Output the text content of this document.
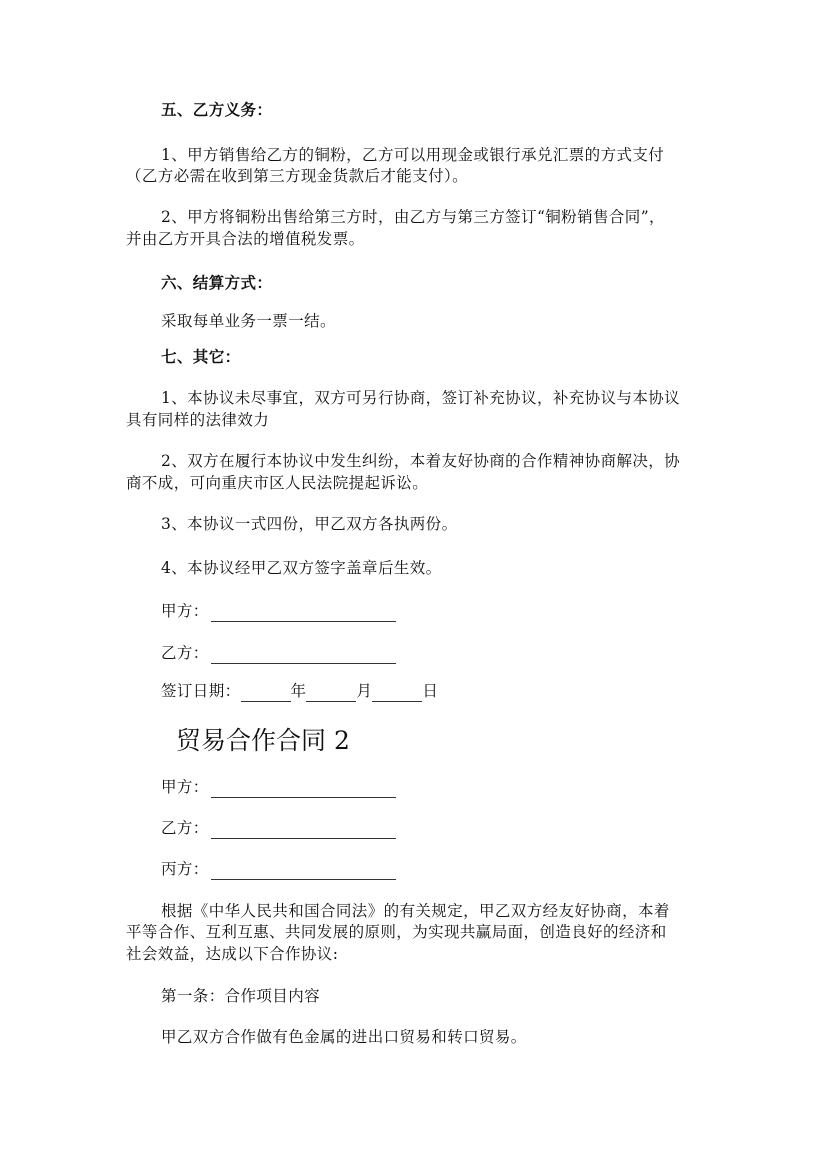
五、乙方义务：
1、甲方销售给乙方的铜粉，乙方可以用现金或银行承兑汇票的方式支付
（乙方必需在收到第三方现金货款后才能支付）。
2、甲方将铜粉出售给第三方时，由乙方与第三方签订“铜粉销售合同”，
并由乙方开具合法的增值税发票。
六、结算方式：
采取每单业务一票一结。
七、其它：
1、本协议未尽事宜，双方可另行协商，签订补充协议，补充协议与本协议
具有同样的法律效力
2、双方在履行本协议中发生纠纷，本着友好协商的合作精神协商解决，协
商不成，可向重庆市区人民法院提起诉讼。
3、本协议一式四份，甲乙双方各执两份。
4、本协议经甲乙双方签字盖章后生效。
甲方：
乙方：
签订日期：	年	月	日
贸易合作合同 2
甲方：
乙方：
丙方：
根据《中华人民共和国合同法》的有关规定，甲乙双方经友好协商，本着
平等合作、互利互惠、共同发展的原则，为实现共赢局面，创造良好的经济和
社会效益，达成以下合作协议:
第一条：合作项目内容
甲乙双方合作做有色金属的进出口贸易和转口贸易。
